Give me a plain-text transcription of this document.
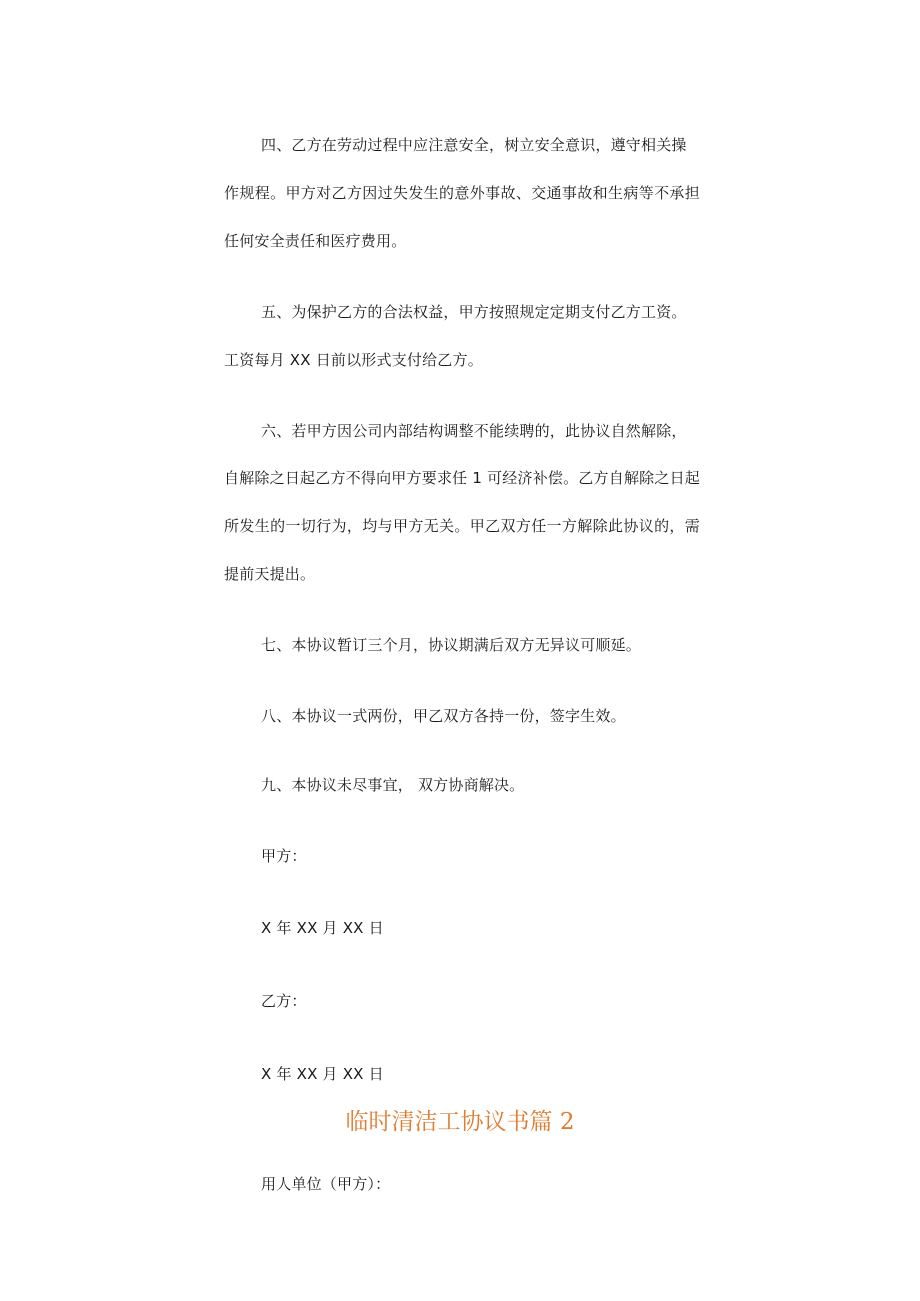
四、乙方在劳动过程中应注意安全，树立安全意识，遵守相关操
作规程。甲方对乙方因过失发生的意外事故、交通事故和生病等不承担
任何安全责任和医疗费用。
五、为保护乙方的合法权益，甲方按照规定定期支付乙方工资。
工资每月 XX 日前以形式支付给乙方。
六、若甲方因公司内部结构调整不能续聘的，此协议自然解除，
自解除之日起乙方不得向甲方要求任 1 可经济补偿。乙方自解除之日起
所发生的一切行为，均与甲方无关。甲乙双方任一方解除此协议的，需
提前天提出。
七、本协议暂订三个月，协议期满后双方无异议可顺延。
八、本协议一式两份，甲乙双方各持一份，签字生效。
九、本协议未尽事宜， 双方协商解决。
甲方：
X 年 XX 月 XX 日
乙方：
X 年 XX 月 XX 日
临时清洁工协议书篇 2
用人单位（甲方）：
